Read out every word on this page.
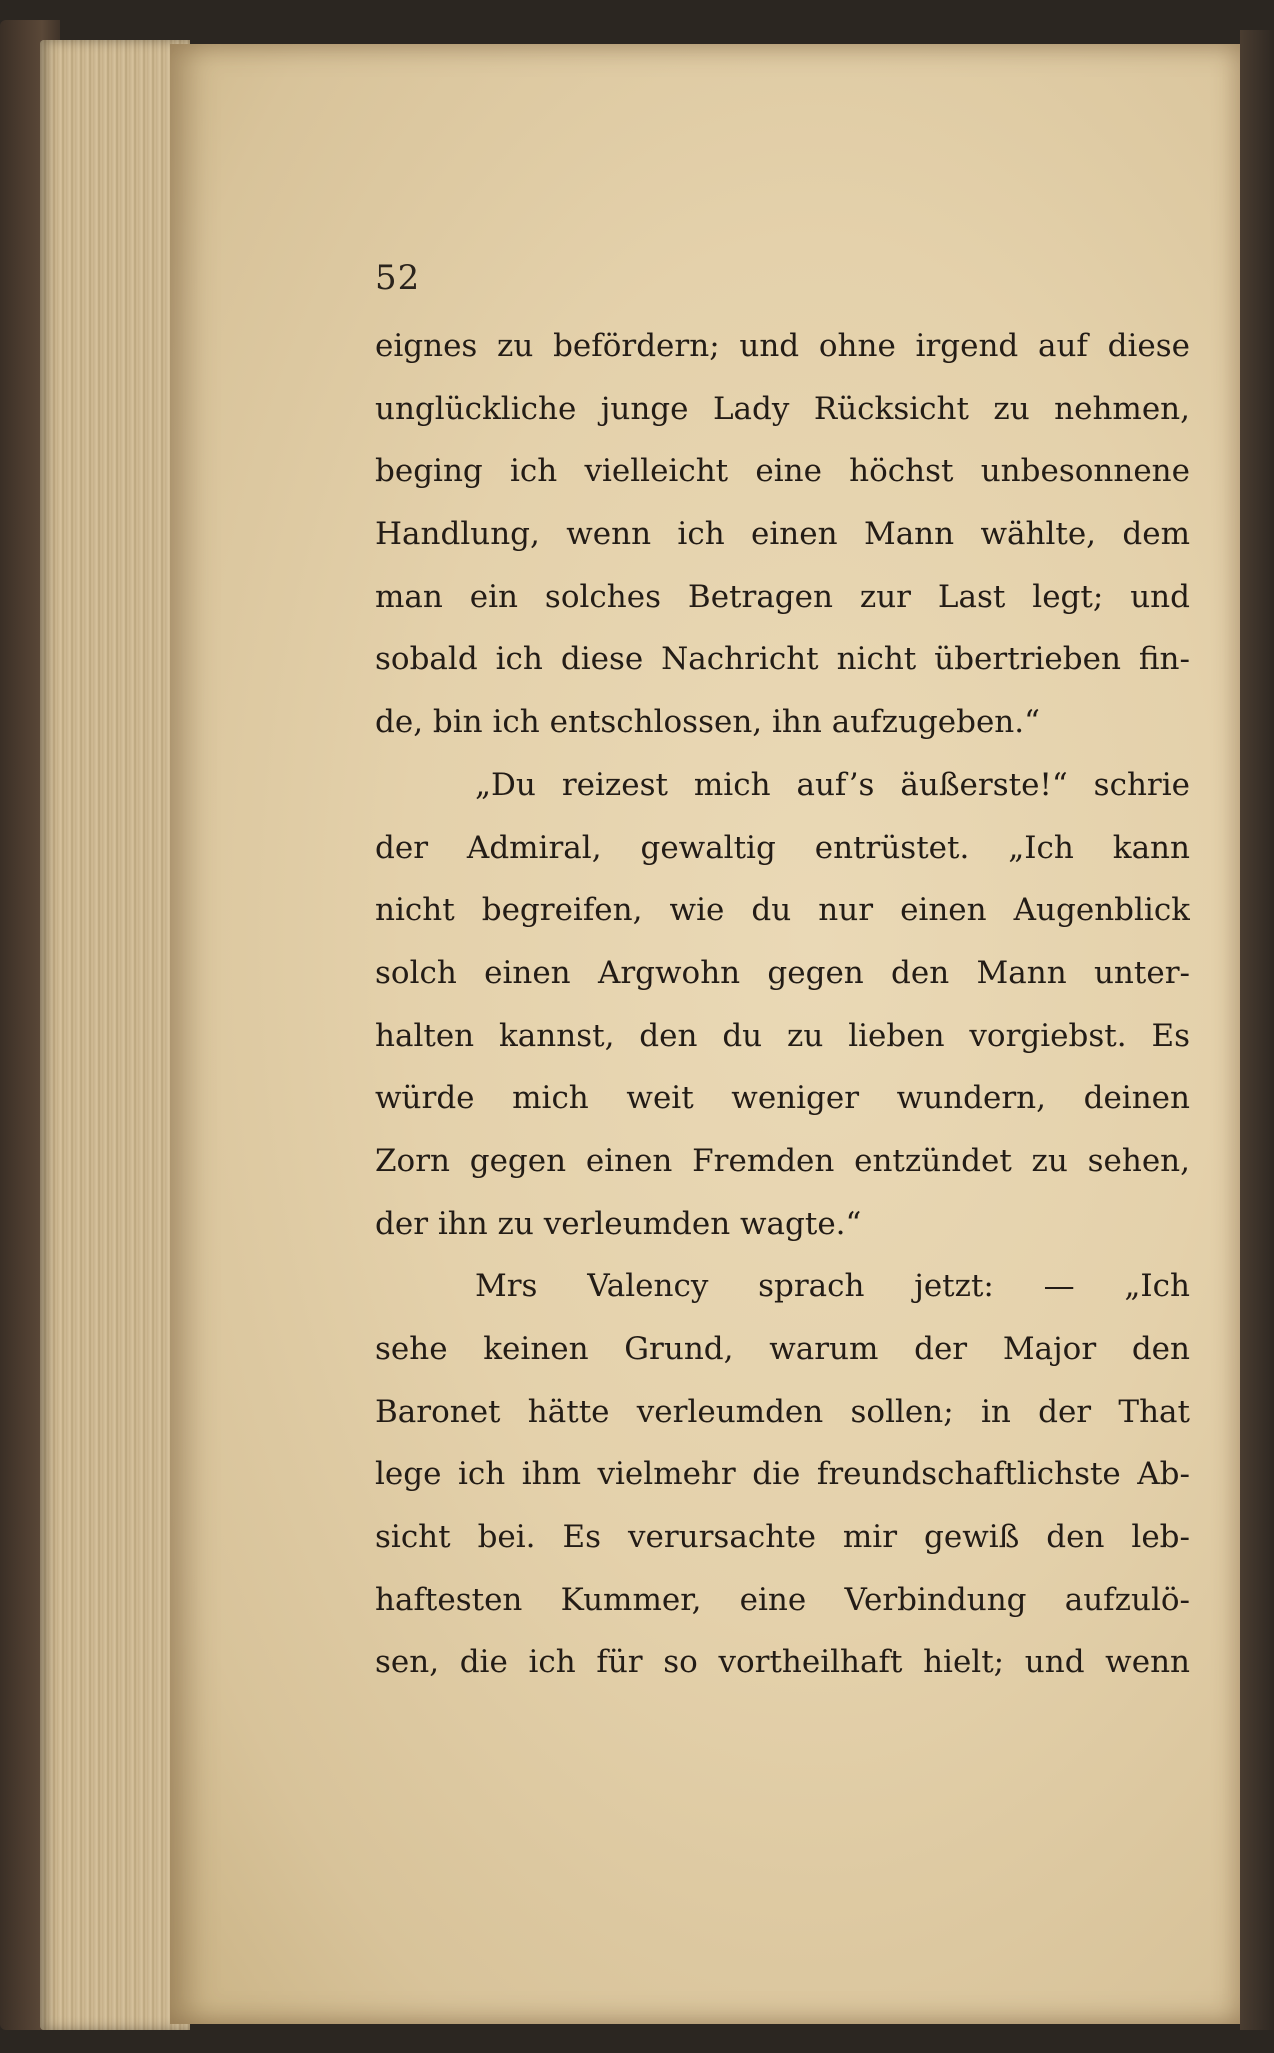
52
eignes zu befördern; und ohne irgend auf diese
unglückliche junge Lady Rücksicht zu nehmen,
beging ich vielleicht eine höchst unbesonnene
Handlung, wenn ich einen Mann wählte, dem
man ein solches Betragen zur Last legt; und
sobald ich diese Nachricht nicht übertrieben fin-
de, bin ich entschlossen, ihn aufzugeben.“
„Du reizest mich auf’s äußerste!“ schrie
der Admiral, gewaltig entrüstet. „Ich kann
nicht begreifen, wie du nur einen Augenblick
solch einen Argwohn gegen den Mann unter-
halten kannst, den du zu lieben vorgiebst. Es
würde mich weit weniger wundern, deinen
Zorn gegen einen Fremden entzündet zu sehen,
der ihn zu verleumden wagte.“
Mrs Valency sprach jetzt: — „Ich
sehe keinen Grund, warum der Major den
Baronet hätte verleumden sollen; in der That
lege ich ihm vielmehr die freundschaftlichste Ab-
sicht bei. Es verursachte mir gewiß den leb-
haftesten Kummer, eine Verbindung aufzulö-
sen, die ich für so vortheilhaft hielt; und wenn
